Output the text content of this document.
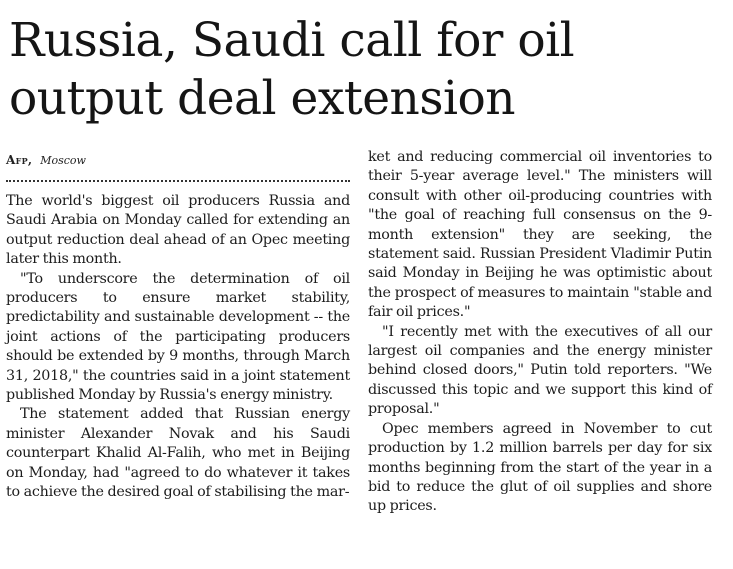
Russia, Saudi call for oil output deal extension
Afp, Moscow

The world's biggest oil producers Russia and Saudi Arabia on Monday called for extending an output reduction deal ahead of an Opec meeting later this month.

"To underscore the determination of oil producers to ensure market stability, predictability and sustainable development -- the joint actions of the participating producers should be extended by 9 months, through March 31, 2018," the countries said in a joint statement published Monday by Russia's energy ministry.

The statement added that Russian energy minister Alexander Novak and his Saudi counterpart Khalid Al-Falih, who met in Beijing on Monday, had "agreed to do whatever it takes to achieve the desired goal of stabilising the mar-

ket and reducing commercial oil inventories to their 5-year average level." The ministers will consult with other oil-producing countries with "the goal of reaching full consensus on the 9-month extension" they are seeking, the statement said. Russian President Vladimir Putin said Monday in Beijing he was optimistic about the prospect of measures to maintain "stable and fair oil prices."

"I recently met with the executives of all our largest oil companies and the energy minister behind closed doors," Putin told reporters. "We discussed this topic and we support this kind of proposal."

Opec members agreed in November to cut production by 1.2 million barrels per day for six months beginning from the start of the year in a bid to reduce the glut of oil supplies and shore up prices.
